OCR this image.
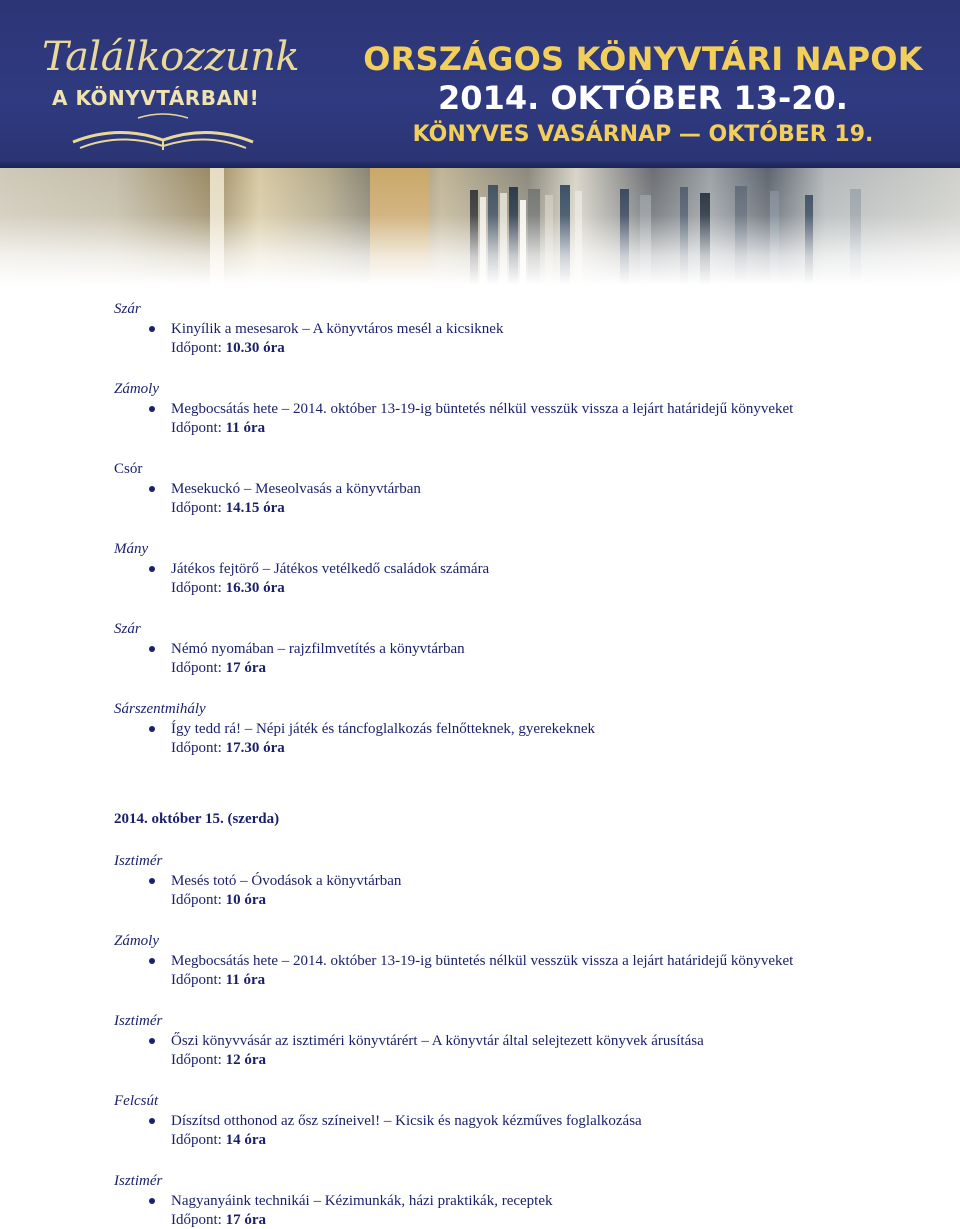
Találkozzunk
A KÖNYVTÁRBAN!
ORSZÁGOS KÖNYVTÁRI NAPOK
2014. OKTÓBER 13-20.
KÖNYVES VASÁRNAP — OKTÓBER 19.
Szár
Kinyílik a mesesarok – A könyvtáros mesél a kicsiknek
Időpont: 10.30 óra
Zámoly
Megbocsátás hete – 2014. október 13-19-ig büntetés nélkül vesszük vissza a lejárt határidejű könyveket
Időpont: 11 óra
Csór
Mesekuckó – Meseolvasás a könyvtárban
Időpont: 14.15 óra
Mány
Játékos fejtörő – Játékos vetélkedő családok számára
Időpont: 16.30 óra
Szár
Némó nyomában – rajzfilmvetítés a könyvtárban
Időpont: 17 óra
Sárszentmihály
Így tedd rá! – Népi játék és táncfoglalkozás felnőtteknek, gyerekeknek
Időpont: 17.30 óra
2014. október 15. (szerda)
Isztimér
Mesés totó – Óvodások a könyvtárban
Időpont: 10 óra
Zámoly
Megbocsátás hete – 2014. október 13-19-ig büntetés nélkül vesszük vissza a lejárt határidejű könyveket
Időpont: 11 óra
Isztimér
Őszi könyvvásár az isztiméri könyvtárért – A könyvtár által selejtezett könyvek árusítása
Időpont: 12 óra
Felcsút
Díszítsd otthonod az ősz színeivel! – Kicsik és nagyok kézműves foglalkozása
Időpont: 14 óra
Isztimér
Nagyanyáink technikái – Kézimunkák, házi praktikák, receptek
Időpont: 17 óra
